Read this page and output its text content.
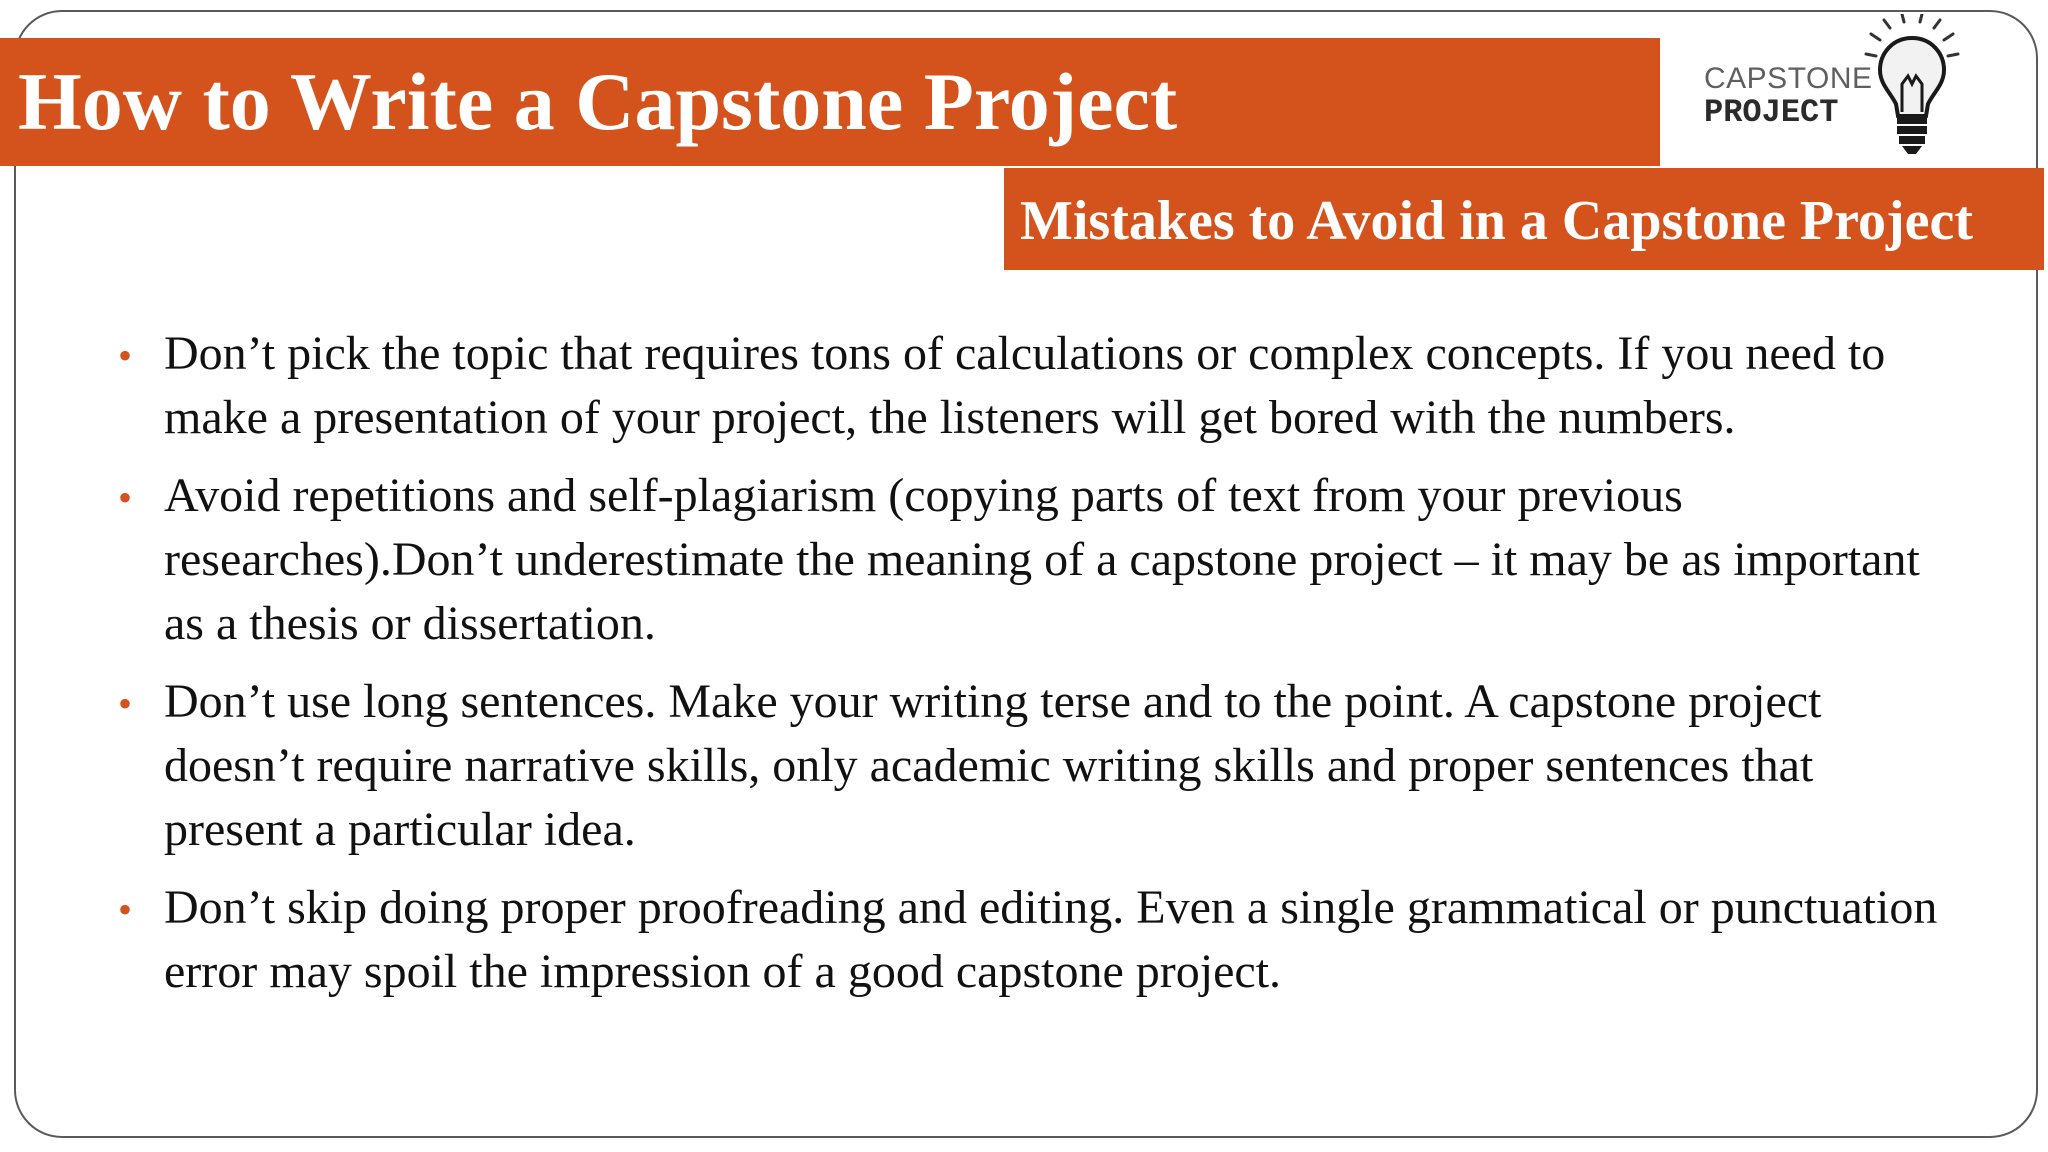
How to Write a Capstone Project	CAPSTONE
PROJECT
Mistakes to Avoid in a Capstone Project
• Don’t pick the topic that requires tons of calculations or complex concepts. If you need to make a presentation of your project, the listeners will get bored with the numbers.
• Avoid repetitions and self-plagiarism (copying parts of text from your previous researches).Don’t underestimate the meaning of a capstone project – it may be as important as a thesis or dissertation.
• Don’t use long sentences. Make your writing terse and to the point. A capstone project doesn’t require narrative skills, only academic writing skills and proper sentences that present a particular idea.
• Don’t skip doing proper proofreading and editing. Even a single grammatical or punctuation error may spoil the impression of a good capstone project.
